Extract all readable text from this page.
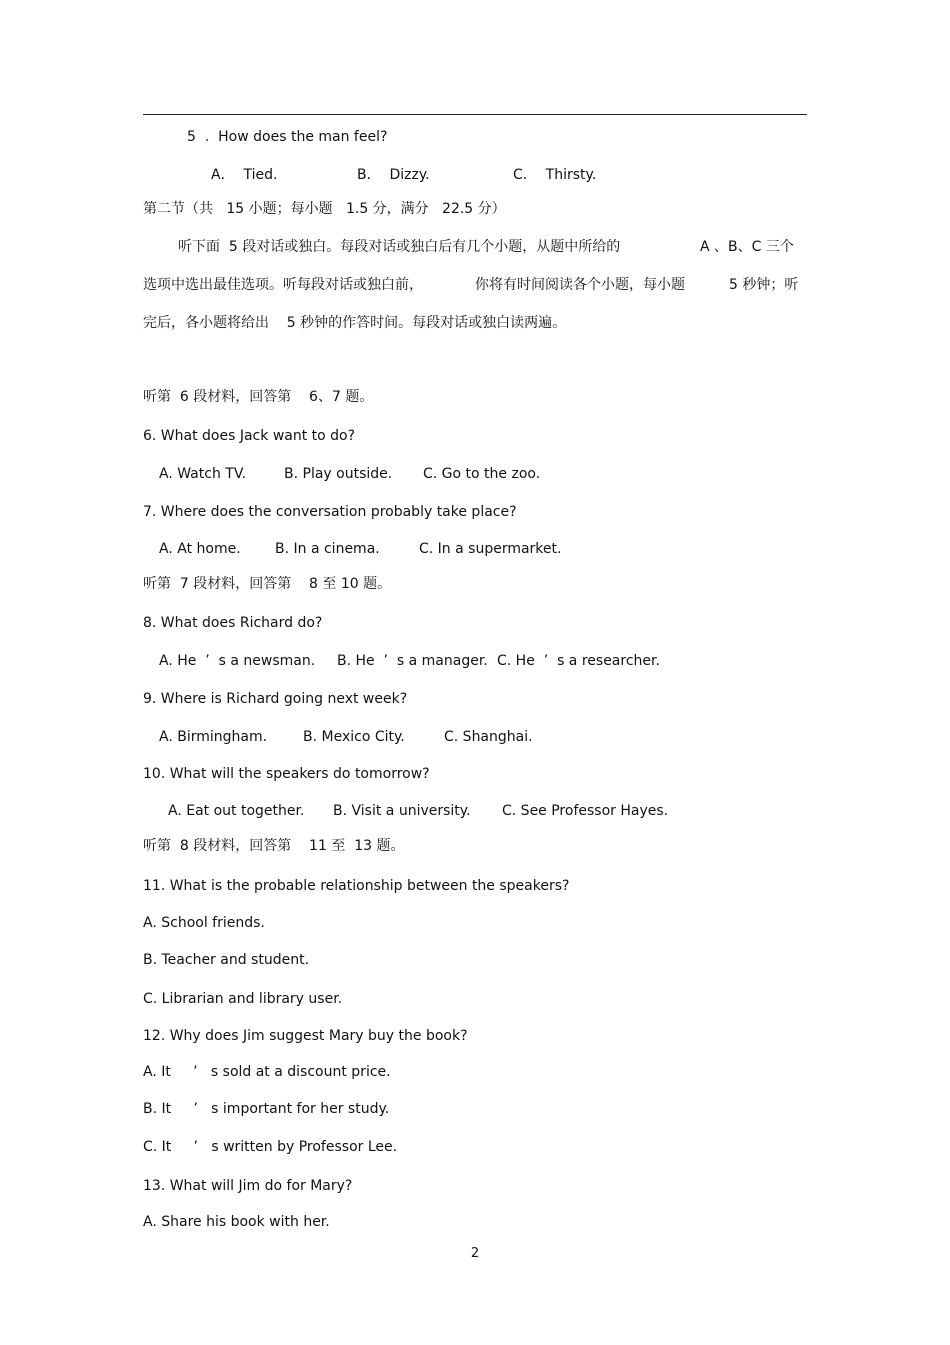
5  .  How does the man feel?
A．  Tied.	B．  Dizzy.	C．  Thirsty.
第二节（共   15 小题；每小题   1.5 分，满分   22.5 分）
听下面  5 段对话或独白。每段对话或独白后有几个小题，从题中所给的	A 、B、C 三个
选项中选出最佳选项。听每段对话或独白前，	你将有时间阅读各个小题，每小题	5 秒钟；听
完后，各小题将给出    5 秒钟的作答时间。每段对话或独白读两遍。
听第  6 段材料，回答第    6、7 题。
6. What does Jack want to do?
A. Watch TV.	B. Play outside. C. Go to the zoo.
7. Where does the conversation probably take place?
A. At home. B. In a cinema.	C. In a supermarket.
听第  7 段材料，回答第    8 至 10 题。
8. What does Richard do?
A. He  ’  s a newsman. B. He  ’  s a manager. C. He  ’  s a researcher.
9. Where is Richard going next week?
A. Birmingham.	B. Mexico City.	C. Shanghai.
10. What will the speakers do tomorrow?
A. Eat out together. B. Visit a university. C. See Professor Hayes.
听第  8 段材料，回答第    11 至  13 题。
11. What is the probable relationship between the speakers?
A. School friends.
B. Teacher and student.
C. Librarian and library user.
12. Why does Jim suggest Mary buy the book?
A. It     ’   s sold at a discount price.
B. It     ’   s important for her study.
C. It     ’   s written by Professor Lee.
13. What will Jim do for Mary?
A. Share his book with her.
2
